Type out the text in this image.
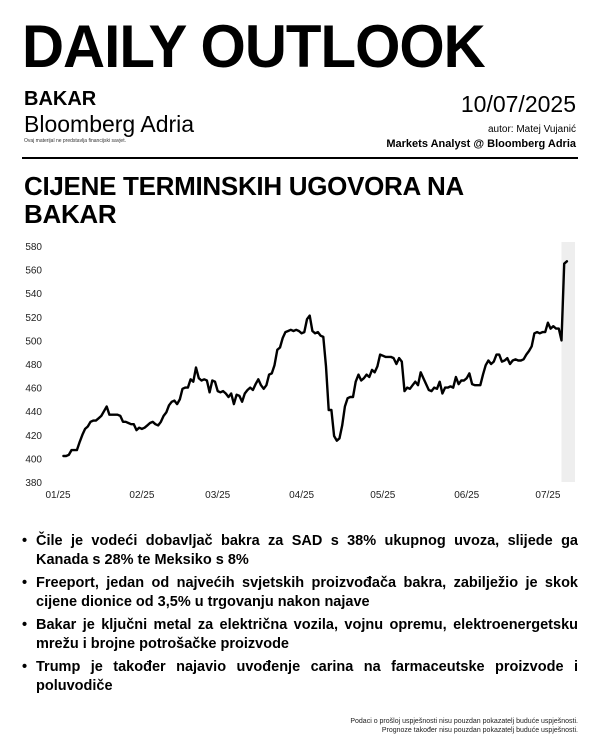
DAILY OUTLOOK
BAKAR
Bloomberg Adria
Ovaj materijal ne predstavlja financijski savjet.
10/07/2025
autor: Matej Vujanić
Markets Analyst @ Bloomberg Adria
CIJENE TERMINSKIH UGOVORA NA BAKAR
380
400
420
440
460
480
500
520
540
560
580
01/25	02/25	03/25	04/25	05/25	06/25	07/25
• Čile je vodeći dobavljač bakra za SAD s 38% ukupnog uvoza, slijede ga Kanada s 28% te Meksiko s 8%
• Freeport, jedan od najvećih svjetskih proizvođača bakra, zabilježio je skok cijene dionice od 3,5% u trgovanju nakon najave
• Bakar je ključni metal za električna vozila, vojnu opremu, elektroenergetsku mrežu i brojne potrošačke proizvode
• Trump je također najavio uvođenje carina na farmaceutske proizvode i poluvodiče
Podaci o prošloj uspješnosti nisu pouzdan pokazatelj buduće uspješnosti.
Prognoze također nisu pouzdan pokazatelj buduće uspješnosti.
